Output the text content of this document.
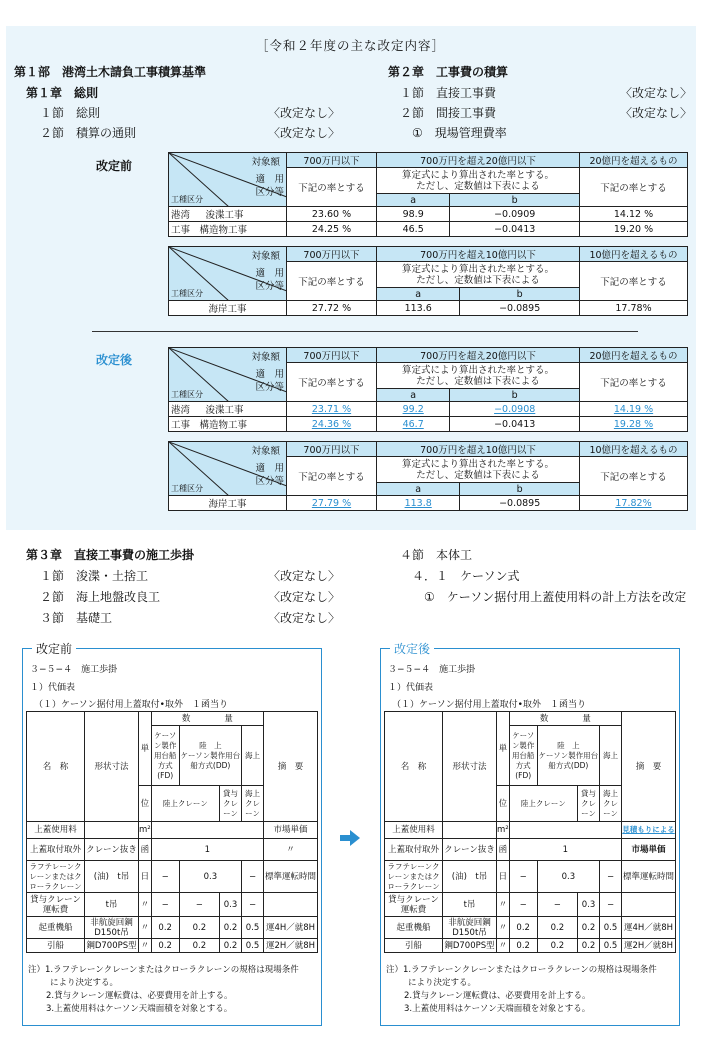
［令和２年度の主な改定内容］
第１部　港湾土木請負工事積算基準
第１章　総則
１節　総則	〈改定なし〉
２節　積算の通則	〈改定なし〉
第２章　工事費の積算
１節　直接工事費	〈改定なし〉
２節　間接工事費	〈改定なし〉
①　現場管理費率
改定前
改定後
対象額
適　用
区分等
工種区分	700万円以下	700万円を超え20億円以下		20億円を超えるもの
	下記の率とする	算定式により算出された率とする。
ただし、定数値は下表による		下記の率とする
		a	b	
港湾　 浚渫工事	23.60 %	98.9	−0.0909	14.12 %
工事　 構造物工事	24.25 %	46.5	−0.0413	19.20 %
対象額
適　用
区分等
工種区分	700万円以下	700万円を超え10億円以下		10億円を超えるもの
	下記の率とする	算定式により算出された率とする。
ただし、定数値は下表による		下記の率とする
		a	b	
海岸工事	27.72 %	113.6	−0.0895	17.78%
対象額
適　用
区分等
工種区分	700万円以下	700万円を超え20億円以下		20億円を超えるもの
	下記の率とする	算定式により算出された率とする。
ただし、定数値は下表による		下記の率とする
		a	b	
港湾　 浚渫工事	23.71 %	99.2	−0.0908	14.19 %
工事　 構造物工事	24.36 %	46.7	−0.0413	19.28 %
対象額
適　用
区分等
工種区分	700万円以下	700万円を超え10億円以下		10億円を超えるもの
	下記の率とする	算定式により算出された率とする。
ただし、定数値は下表による		下記の率とする
		a	b	
海岸工事	27.79 %	113.8	−0.0895	17.82%
第３章　直接工事費の施工歩掛
１節　浚渫・土捨工	〈改定なし〉
２節　海上地盤改良工	〈改定なし〉
３節　基礎工	〈改定なし〉
４節　本体工
４．１　ケーソン式
①　ケーソン据付用上蓋使用料の計上方法を改定
改定前	改定後
３−５−４　施工歩掛
１）代価表
（１）ケーソン据付用上蓋取付•取外　１函当り
名　称	形状寸法	単	数　　　　 量				摘　要
			ケーソン製作用台船方式(FD)	陸　上
ケーソン製作用台船方式(DD)		海上	
		位	陸上クレーン		貸与クレーン	海上クレーン	
上蓋使用料		m²					市場単価
上蓋取付取外	クレーン抜き	函	1				〃
ラフテレーンクレーンまたはクローラクレーン	(油)　t吊	日	−	0.3		−	標準運転時間
貸与クレーン運転費	t吊	〃	−	−	0.3	−	
起重機船	非航旋回鋼D150t吊	〃	0.2	0.2	0.2	0.5	運4H／就8H
引船	鋼D700PS型	〃	0.2	0.2	0.2	0.5	運2H／就8H
注）1.ラフテレーンクレーンまたはクローラクレーンの規格は現場条件
により決定する。
2.貸与クレーン運転費は、必要費用を計上する。
3.上蓋使用料はケーソン天端面積を対象とする。
３−５−４　施工歩掛
１）代価表
（１）ケーソン据付用上蓋取付•取外　１函当り
名　称	形状寸法	単	数　　　　 量				摘　要
			ケーソン製作用台船方式(FD)	陸　上
ケーソン製作用台船方式(DD)		海上	
		位	陸上クレーン		貸与クレーン	海上クレーン	
上蓋使用料		m²					見積もりによる
上蓋取付取外	クレーン抜き	函	1				市場単価
ラフテレーンクレーンまたはクローラクレーン	(油)　t吊	日	−	0.3		−	標準運転時間
貸与クレーン運転費	t吊	〃	−	−	0.3	−	
起重機船	非航旋回鋼D150t吊	〃	0.2	0.2	0.2	0.5	運4H／就8H
引船	鋼D700PS型	〃	0.2	0.2	0.2	0.5	運2H／就8H
注）1.ラフテレーンクレーンまたはクローラクレーンの規格は現場条件
により決定する。
2.貸与クレーン運転費は、必要費用を計上する。
3.上蓋使用料はケーソン天端面積を対象とする。
